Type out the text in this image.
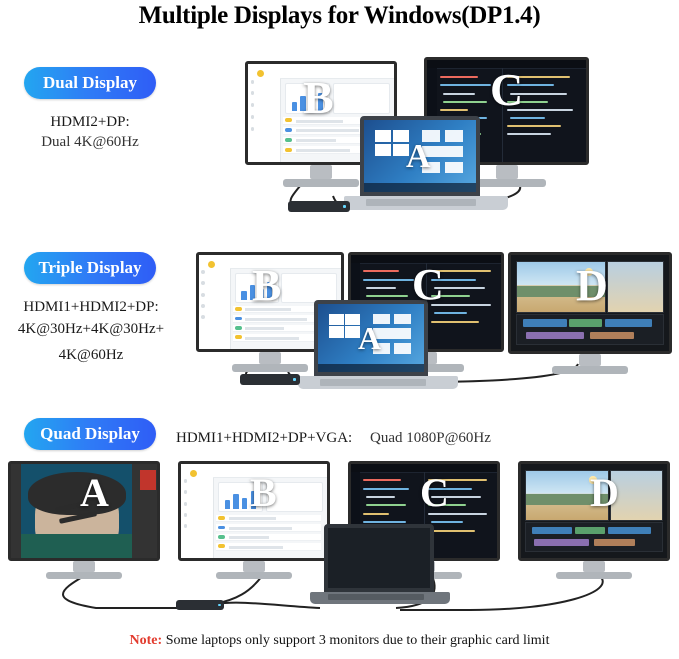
Multiple Displays for Windows(DP1.4)
Dual Display
HDMI2+DP:
Dual 4K@60Hz
B	C
A
Triple Display
HDMI1+HDMI2+DP:
4K@30Hz+4K@30Hz+
4K@60Hz
B	C	D
A
Quad Display	HDMI1+HDMI2+DP+VGA:	Quad 1080P@60Hz
A	B	C	D
Note: Some laptops only support 3 monitors due to their graphic card limit
